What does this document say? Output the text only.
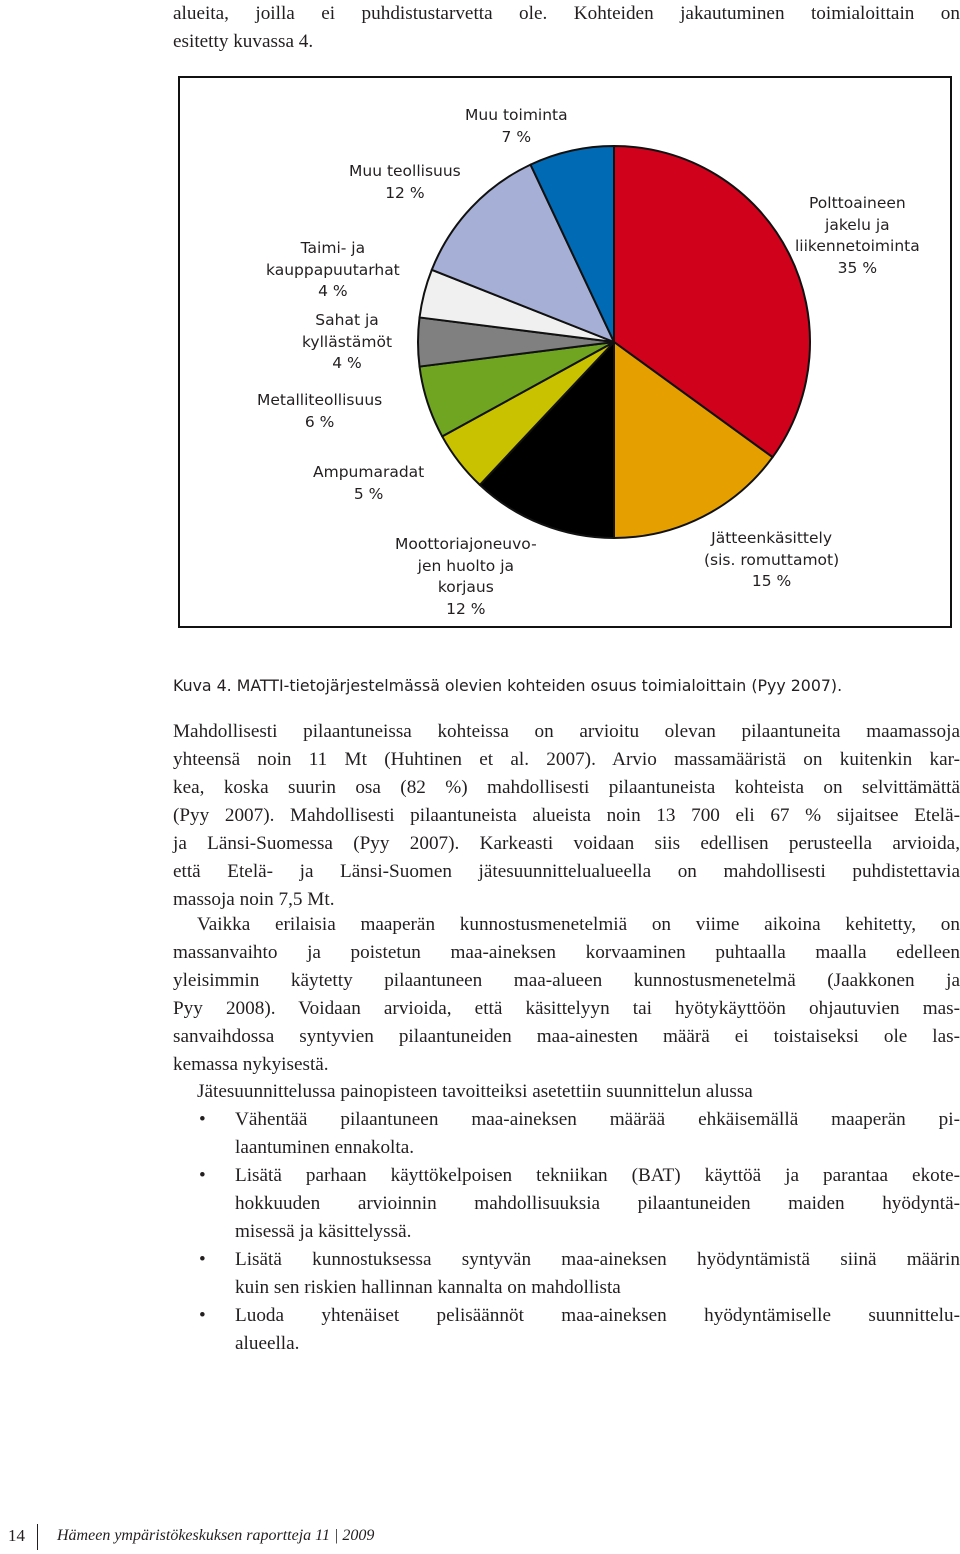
alueita, joilla ei puhdistustarvetta ole. Kohteiden jakautuminen toimialoittain on
esitetty kuvassa 4.
Muu toiminta
7 %
Muu teollisuus
12 %
Polttoaineen
jakelu ja
liikennetoiminta
35 %
Taimi- ja
kauppapuutarhat
4 %
Sahat ja
kyllästämöt
4 %
Metalliteollisuus
6 %
Ampumaradat
5 %
Moottoriajoneuvo-
jen huolto ja
korjaus
12 %
Jätteenkäsittely
(sis. romuttamot)
15 %
Kuva 4. MATTI-tietojärjestelmässä olevien kohteiden osuus toimialoittain (Pyy 2007).
Mahdollisesti pilaantuneissa kohteissa on arvioitu olevan pilaantuneita maamassoja
yhteensä noin 11 Mt (Huhtinen et al. 2007). Arvio massamääristä on kuitenkin kar-
kea, koska suurin osa (82 %) mahdollisesti pilaantuneista kohteista on selvittämättä
(Pyy 2007). Mahdollisesti pilaantuneista alueista noin 13 700 eli 67 % sijaitsee Etelä-
ja Länsi-Suomessa (Pyy 2007). Karkeasti voidaan siis edellisen perusteella arvioida,
että Etelä- ja Länsi-Suomen jätesuunnittelualueella on mahdollisesti puhdistettavia
massoja noin 7,5 Mt.
Vaikka erilaisia maaperän kunnostusmenetelmiä on viime aikoina kehitetty, on
massanvaihto ja poistetun maa-aineksen korvaaminen puhtaalla maalla edelleen
yleisimmin käytetty pilaantuneen maa-alueen kunnostusmenetelmä (Jaakkonen ja
Pyy 2008). Voidaan arvioida, että käsittelyyn tai hyötykäyttöön ohjautuvien mas-
sanvaihdossa syntyvien pilaantuneiden maa-ainesten määrä ei toistaiseksi ole las-
kemassa nykyisestä.
Jätesuunnittelussa painopisteen tavoitteiksi asetettiin suunnittelun alussa
• Vähentää pilaantuneen maa-aineksen määrää ehkäisemällä maaperän pi-
laantuminen ennakolta.
• Lisätä parhaan käyttökelpoisen tekniikan (BAT) käyttöä ja parantaa ekote-
hokkuuden arvioinnin mahdollisuuksia pilaantuneiden maiden hyödyntä-
misessä ja käsittelyssä.
• Lisätä kunnostuksessa syntyvän maa-aineksen hyödyntämistä siinä määrin
kuin sen riskien hallinnan kannalta on mahdollista
• Luoda yhtenäiset pelisäännöt maa-aineksen hyödyntämiselle suunnittelu-
alueella.
14 Hämeen ympäristökeskuksen raportteja 11 | 2009
